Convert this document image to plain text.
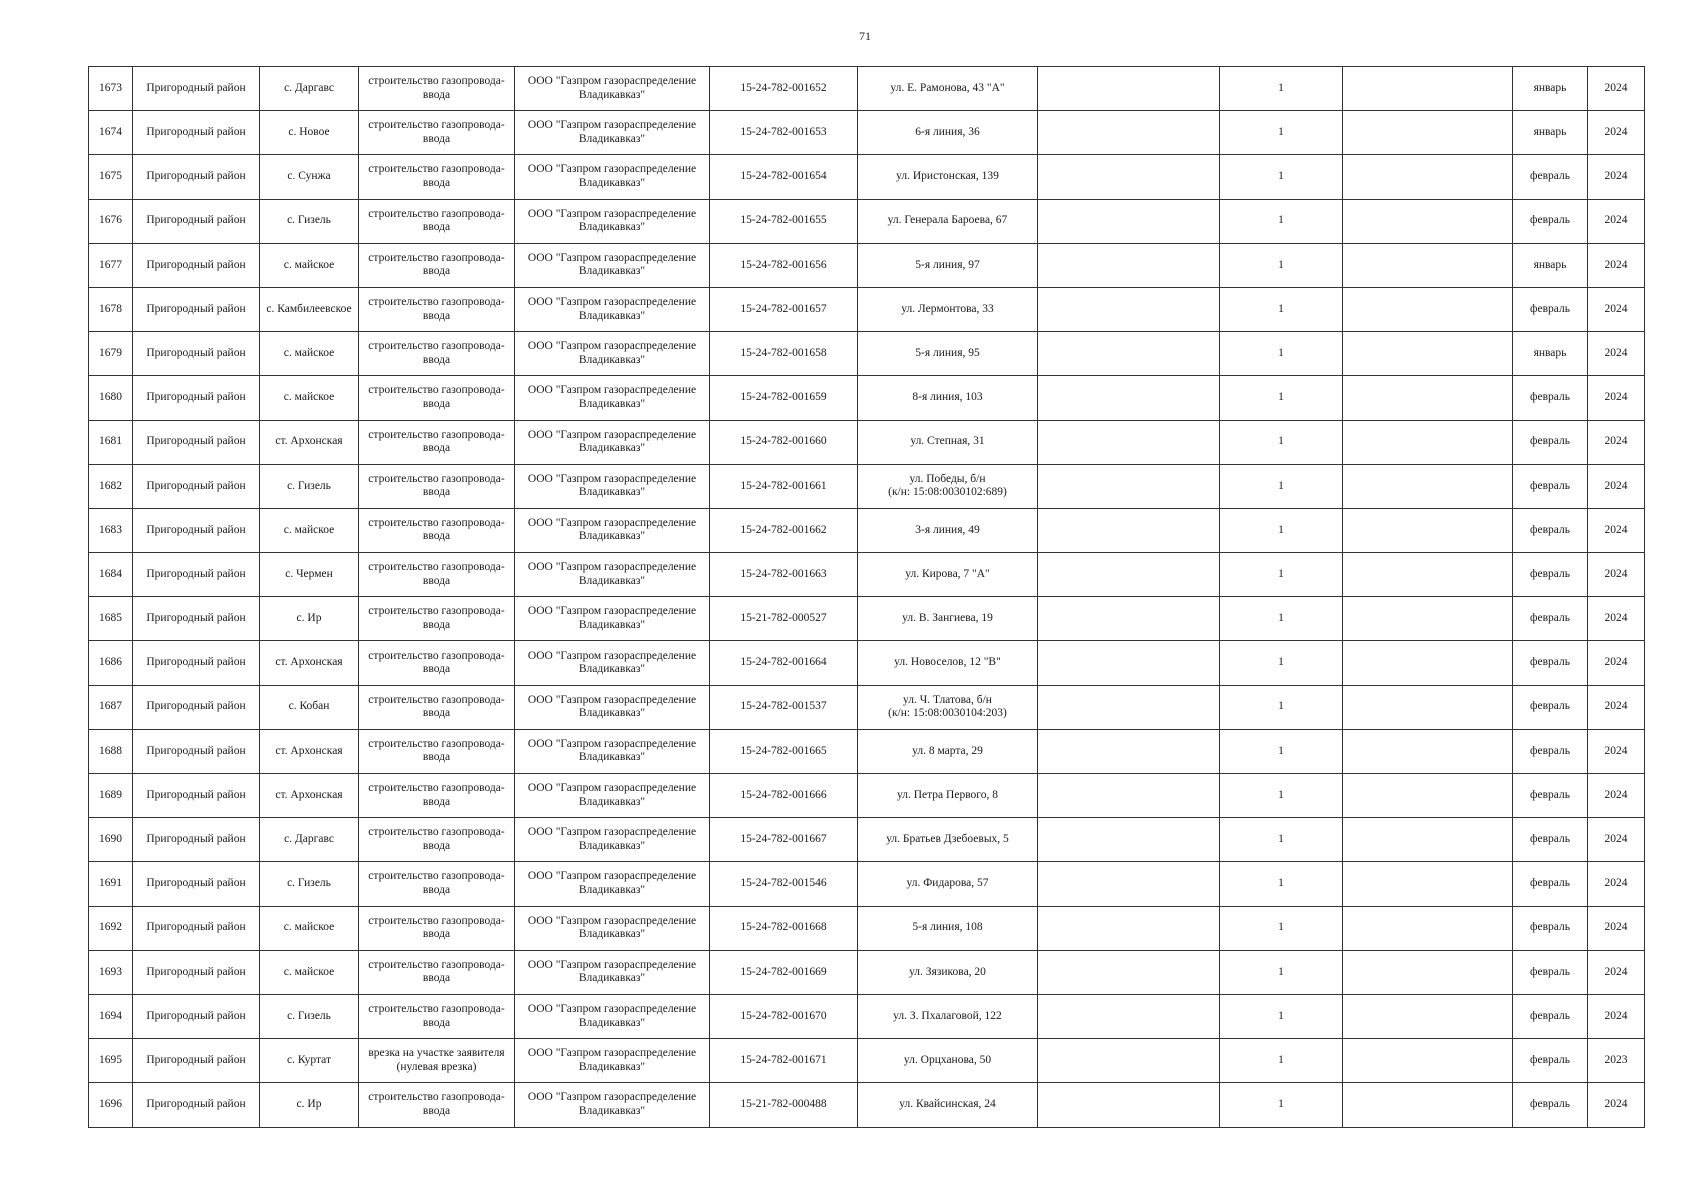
71
1673	Пригородный район	с. Даргавс	строительство газопровода-
ввода	ООО "Газпром газораспределение
Владикавказ"	15-24-782-001652	ул. Е. Рамонова, 43 "А"		1		январь	2024
1674	Пригородный район	с. Новое	строительство газопровода-
ввода	ООО "Газпром газораспределение
Владикавказ"	15-24-782-001653	6-я линия, 36		1		январь	2024
1675	Пригородный район	с. Сунжа	строительство газопровода-
ввода	ООО "Газпром газораспределение
Владикавказ"	15-24-782-001654	ул. Иристонская, 139		1		февраль	2024
1676	Пригородный район	с. Гизель	строительство газопровода-
ввода	ООО "Газпром газораспределение
Владикавказ"	15-24-782-001655	ул. Генерала Бароева, 67		1		февраль	2024
1677	Пригородный район	с. майское	строительство газопровода-
ввода	ООО "Газпром газораспределение
Владикавказ"	15-24-782-001656	5-я линия, 97		1		январь	2024
1678	Пригородный район	с. Камбилеевское	строительство газопровода-
ввода	ООО "Газпром газораспределение
Владикавказ"	15-24-782-001657	ул. Лермонтова, 33		1		февраль	2024
1679	Пригородный район	с. майское	строительство газопровода-
ввода	ООО "Газпром газораспределение
Владикавказ"	15-24-782-001658	5-я линия, 95		1		январь	2024
1680	Пригородный район	с. майское	строительство газопровода-
ввода	ООО "Газпром газораспределение
Владикавказ"	15-24-782-001659	8-я линия, 103		1		февраль	2024
1681	Пригородный район	ст. Архонская	строительство газопровода-
ввода	ООО "Газпром газораспределение
Владикавказ"	15-24-782-001660	ул. Степная, 31		1		февраль	2024
1682	Пригородный район	с. Гизель	строительство газопровода-
ввода	ООО "Газпром газораспределение
Владикавказ"	15-24-782-001661	ул. Победы, б/н
(к/н: 15:08:0030102:689)		1		февраль	2024
1683	Пригородный район	с. майское	строительство газопровода-
ввода	ООО "Газпром газораспределение
Владикавказ"	15-24-782-001662	3-я линия, 49		1		февраль	2024
1684	Пригородный район	с. Чермен	строительство газопровода-
ввода	ООО "Газпром газораспределение
Владикавказ"	15-24-782-001663	ул. Кирова, 7 "А"		1		февраль	2024
1685	Пригородный район	с. Ир	строительство газопровода-
ввода	ООО "Газпром газораспределение
Владикавказ"	15-21-782-000527	ул. В. Зангиева, 19		1		февраль	2024
1686	Пригородный район	ст. Архонская	строительство газопровода-
ввода	ООО "Газпром газораспределение
Владикавказ"	15-24-782-001664	ул. Новоселов, 12 "В"		1		февраль	2024
1687	Пригородный район	с. Кобан	строительство газопровода-
ввода	ООО "Газпром газораспределение
Владикавказ"	15-24-782-001537	ул. Ч. Тлатова, б/н
(к/н: 15:08:0030104:203)		1		февраль	2024
1688	Пригородный район	ст. Архонская	строительство газопровода-
ввода	ООО "Газпром газораспределение
Владикавказ"	15-24-782-001665	ул. 8 марта, 29		1		февраль	2024
1689	Пригородный район	ст. Архонская	строительство газопровода-
ввода	ООО "Газпром газораспределение
Владикавказ"	15-24-782-001666	ул. Петра Первого, 8		1		февраль	2024
1690	Пригородный район	с. Даргавс	строительство газопровода-
ввода	ООО "Газпром газораспределение
Владикавказ"	15-24-782-001667	ул. Братьев Дзебоевых, 5		1		февраль	2024
1691	Пригородный район	с. Гизель	строительство газопровода-
ввода	ООО "Газпром газораспределение
Владикавказ"	15-24-782-001546	ул. Фидарова, 57		1		февраль	2024
1692	Пригородный район	с. майское	строительство газопровода-
ввода	ООО "Газпром газораспределение
Владикавказ"	15-24-782-001668	5-я линия, 108		1		февраль	2024
1693	Пригородный район	с. майское	строительство газопровода-
ввода	ООО "Газпром газораспределение
Владикавказ"	15-24-782-001669	ул. Зязикова, 20		1		февраль	2024
1694	Пригородный район	с. Гизель	строительство газопровода-
ввода	ООО "Газпром газораспределение
Владикавказ"	15-24-782-001670	ул. З. Пхалаговой, 122		1		февраль	2024
1695	Пригородный район	с. Куртат	врезка на участке заявителя
(нулевая врезка)	ООО "Газпром газораспределение
Владикавказ"	15-24-782-001671	ул. Орцханова, 50		1		февраль	2023
1696	Пригородный район	с. Ир	строительство газопровода-
ввода	ООО "Газпром газораспределение
Владикавказ"	15-21-782-000488	ул. Квайсинская, 24		1		февраль	2024
